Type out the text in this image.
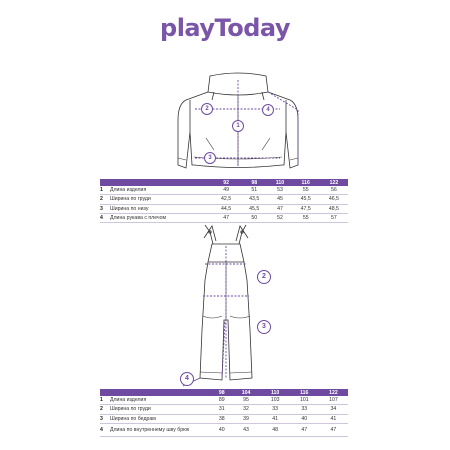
playToday
1
2
3
4
2
3
4
		92	98	110	116	122
1	Длина изделия	49	51	53	55	56
2	Ширина по груди	42,5	43,5	45	45,5	46,5
3	Ширина по низу	44,5	45,5	47	47,5	48,5
4	Длина рукава с плечом	47	50	52	55	57
		98	104	110	116	122
1	Длина изделия	89	95	103	101	107
2	Ширина по груди	31	32	33	33	34
3	Ширина по бедрам	38	39	41	40	41
4	Длина по внутреннему шву брюк	40	43	48	47	47
